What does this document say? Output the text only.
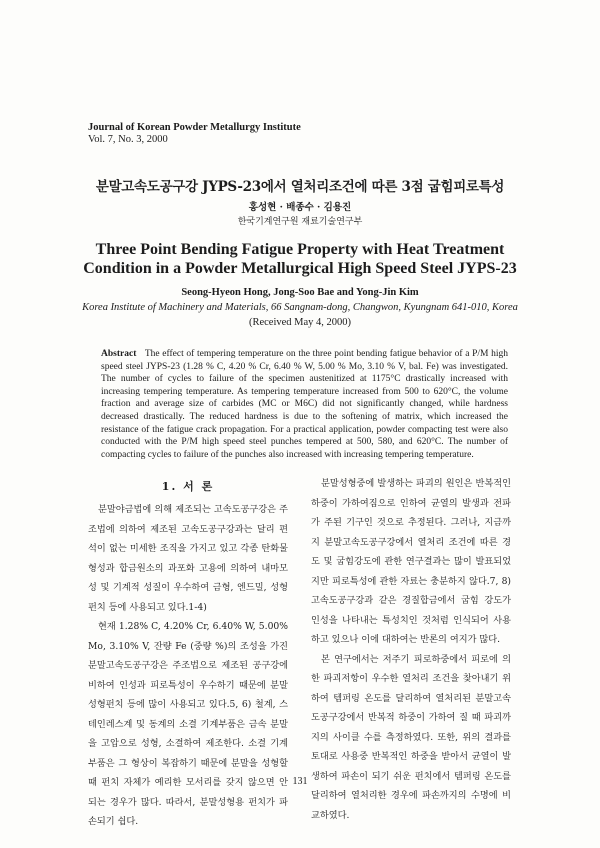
Journal of Korean Powder Metallurgy Institute
Vol. 7, No. 3, 2000
분말고속도공구강 JYPS-23에서 열처리조건에 따른 3점 굽힘피로특성
홍성현 · 배종수 · 김용진
한국기계연구원 재료기술연구부
Three Point Bending Fatigue Property with Heat Treatment Condition in a Powder Metallurgical High Speed Steel JYPS-23
Seong-Hyeon Hong, Jong-Soo Bae and Yong-Jin Kim
Korea Institute of Machinery and Materials, 66 Sangnam-dong, Changwon, Kyungnam 641-010, Korea
(Received May 4, 2000)
Abstract The effect of tempering temperature on the three point bending fatigue behavior of a P/M high speed steel JYPS-23 (1.28 % C, 4.20 % Cr, 6.40 % W, 5.00 % Mo, 3.10 % V, bal. Fe) was investigated. The number of cycles to failure of the specimen austenitized at 1175°C drastically increased with increasing tempering temperature. As tempering temperature increased from 500 to 620°C, the volume fraction and average size of carbides (MC or M6C) did not significantly changed, while hardness decreased drastically. The reduced hardness is due to the softening of matrix, which increased the resistance of the fatigue crack propagation. For a practical application, powder compacting test were also conducted with the P/M high speed steel punches tempered at 500, 580, and 620°C. The number of compacting cycles to failure of the punches also increased with increasing tempering temperature.
1. 서 론

분말야금법에 의해 제조되는 고속도공구강은 주조법에 의하여 제조된 고속도공구강과는 달리 편석이 없는 미세한 조직을 가지고 있고 각종 탄화물 형성과 합금원소의 과포화 고용에 의하여 내마모성 및 기계적 성질이 우수하여 금형, 엔드밀, 성형펀치 등에 사용되고 있다.1-4)

현재 1.28% C, 4.20% Cr, 6.40% W, 5.00% Mo, 3.10% V, 잔량 Fe (중량 %)의 조성을 가진 분말고속도공구강은 주조법으로 제조된 공구강에 비하여 인성과 피로특성이 우수하기 때문에 분말성형펀치 등에 많이 사용되고 있다.5, 6) 철계, 스테인레스계 및 동계의 소결 기계부품은 금속 분말을 고압으로 성형, 소결하여 제조한다. 소결 기계부품은 그 형상이 복잡하기 때문에 분말을 성형할 때 펀치 자체가 예리한 모서리를 갖지 않으면 안 되는 경우가 많다. 따라서, 분말성형용 펀치가 파손되기 쉽다.

분말성형중에 발생하는 파괴의 원인은 반복적인 하중이 가하여짐으로 인하여 균열의 발생과 전파가 주된 기구인 것으로 추정된다. 그러나, 지금까지 분말고속도공구강에서 열처리 조건에 따른 경도 및 굽힘강도에 관한 연구결과는 많이 발표되었지만 피로특성에 관한 자료는 충분하지 않다.7, 8) 고속도공구강과 같은 경질합금에서 굽힘 강도가 인성을 나타내는 특성치인 것처럼 인식되어 사용하고 있으나 이에 대하여는 반론의 여지가 많다.

본 연구에서는 저주기 피로하중에서 피로에 의한 파괴저항이 우수한 열처리 조건을 찾아내기 위하여 템퍼링 온도를 달리하여 열처리된 분말고속도공구강에서 반복적 하중이 가하여 질 때 파괴까지의 사이클 수를 측정하였다. 또한, 위의 결과를 토대로 사용중 반복적인 하중을 받아서 균열이 발생하여 파손이 되기 쉬운 펀치에서 템퍼링 온도를 달리하여 열처리한 경우에 파손까지의 수명에 비교하였다.

131
